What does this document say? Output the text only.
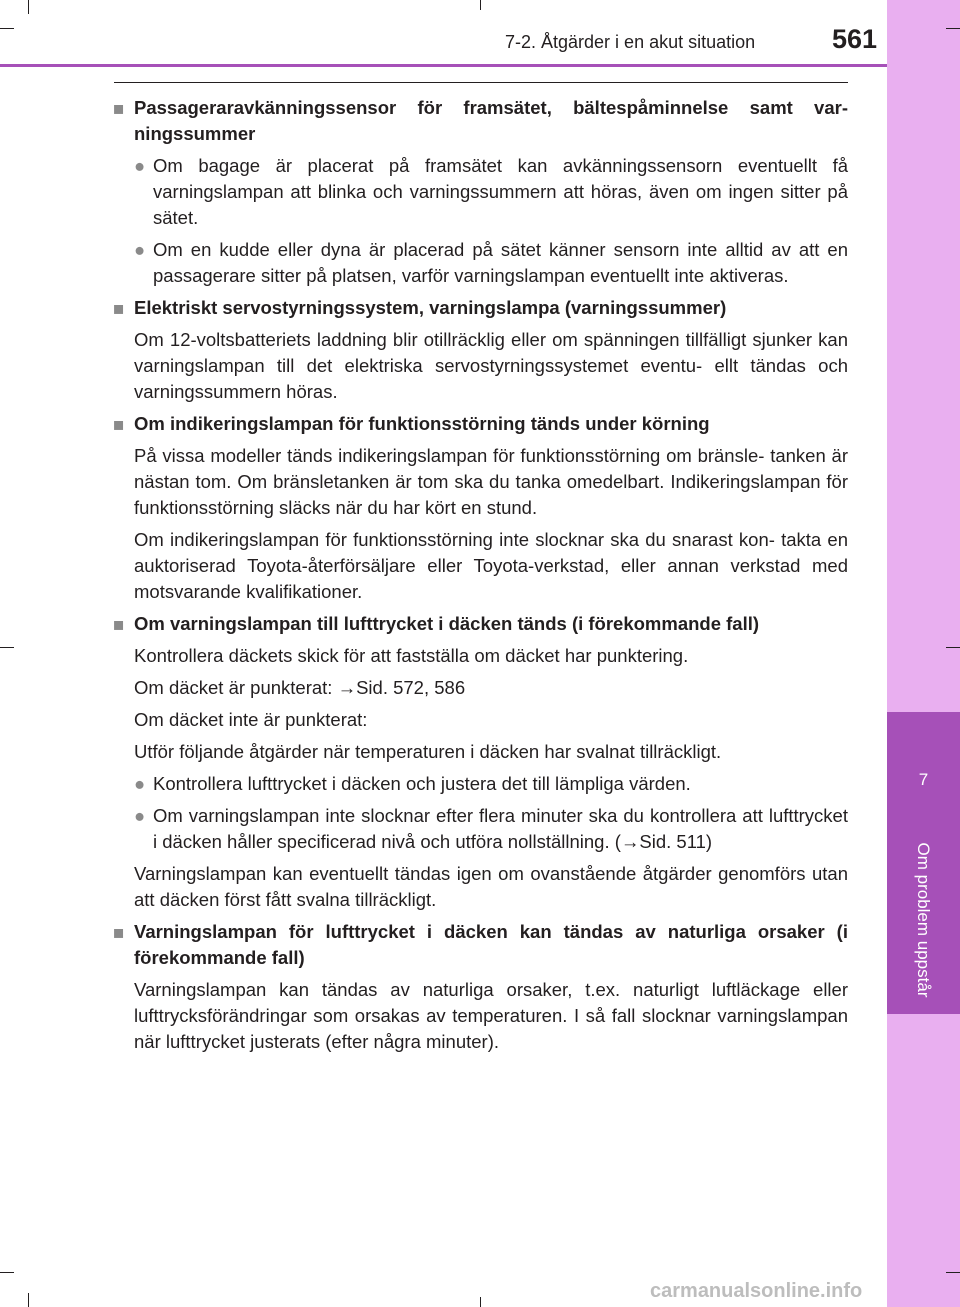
7
Om problem uppstår
7-2. Åtgärder i en akut situation	561
■ Passageraravkänningssensor för framsätet, bältespåminnelse samt var- ningssummer
● Om bagage är placerat på framsätet kan avkänningssensorn eventuellt få varningslampan att blinka och varningssummern att höras, även om ingen sitter på sätet.
● Om en kudde eller dyna är placerad på sätet känner sensorn inte alltid av att en passagerare sitter på platsen, varför varningslampan eventuellt inte aktiveras.
■ Elektriskt servostyrningssystem, varningslampa (varningssummer)
Om 12-voltsbatteriets laddning blir otillräcklig eller om spänningen tillfälligt sjunker kan varningslampan till det elektriska servostyrningssystemet eventu- ellt tändas och varningssummern höras.
■ Om indikeringslampan för funktionsstörning tänds under körning
På vissa modeller tänds indikeringslampan för funktionsstörning om bränsle- tanken är nästan tom. Om bränsletanken är tom ska du tanka omedelbart. Indikeringslampan för funktionsstörning släcks när du har kört en stund.
Om indikeringslampan för funktionsstörning inte slocknar ska du snarast kon- takta en auktoriserad Toyota-återförsäljare eller Toyota-verkstad, eller annan verkstad med motsvarande kvalifikationer.
■ Om varningslampan till lufttrycket i däcken tänds (i förekommande fall)
Kontrollera däckets skick för att fastställa om däcket har punktering.
Om däcket är punkterat: →Sid. 572, 586
Om däcket inte är punkterat:
Utför följande åtgärder när temperaturen i däcken har svalnat tillräckligt.
● Kontrollera lufttrycket i däcken och justera det till lämpliga värden.
● Om varningslampan inte slocknar efter flera minuter ska du kontrollera att lufttrycket i däcken håller specificerad nivå och utföra nollställning. (→Sid. 511)
Varningslampan kan eventuellt tändas igen om ovanstående åtgärder genomförs utan att däcken först fått svalna tillräckligt.
■ Varningslampan för lufttrycket i däcken kan tändas av naturliga orsaker (i förekommande fall)
Varningslampan kan tändas av naturliga orsaker, t.ex. naturligt luftläckage eller lufttrycksförändringar som orsakas av temperaturen. I så fall slocknar varningslampan när lufttrycket justerats (efter några minuter).
carmanualsonline.info
